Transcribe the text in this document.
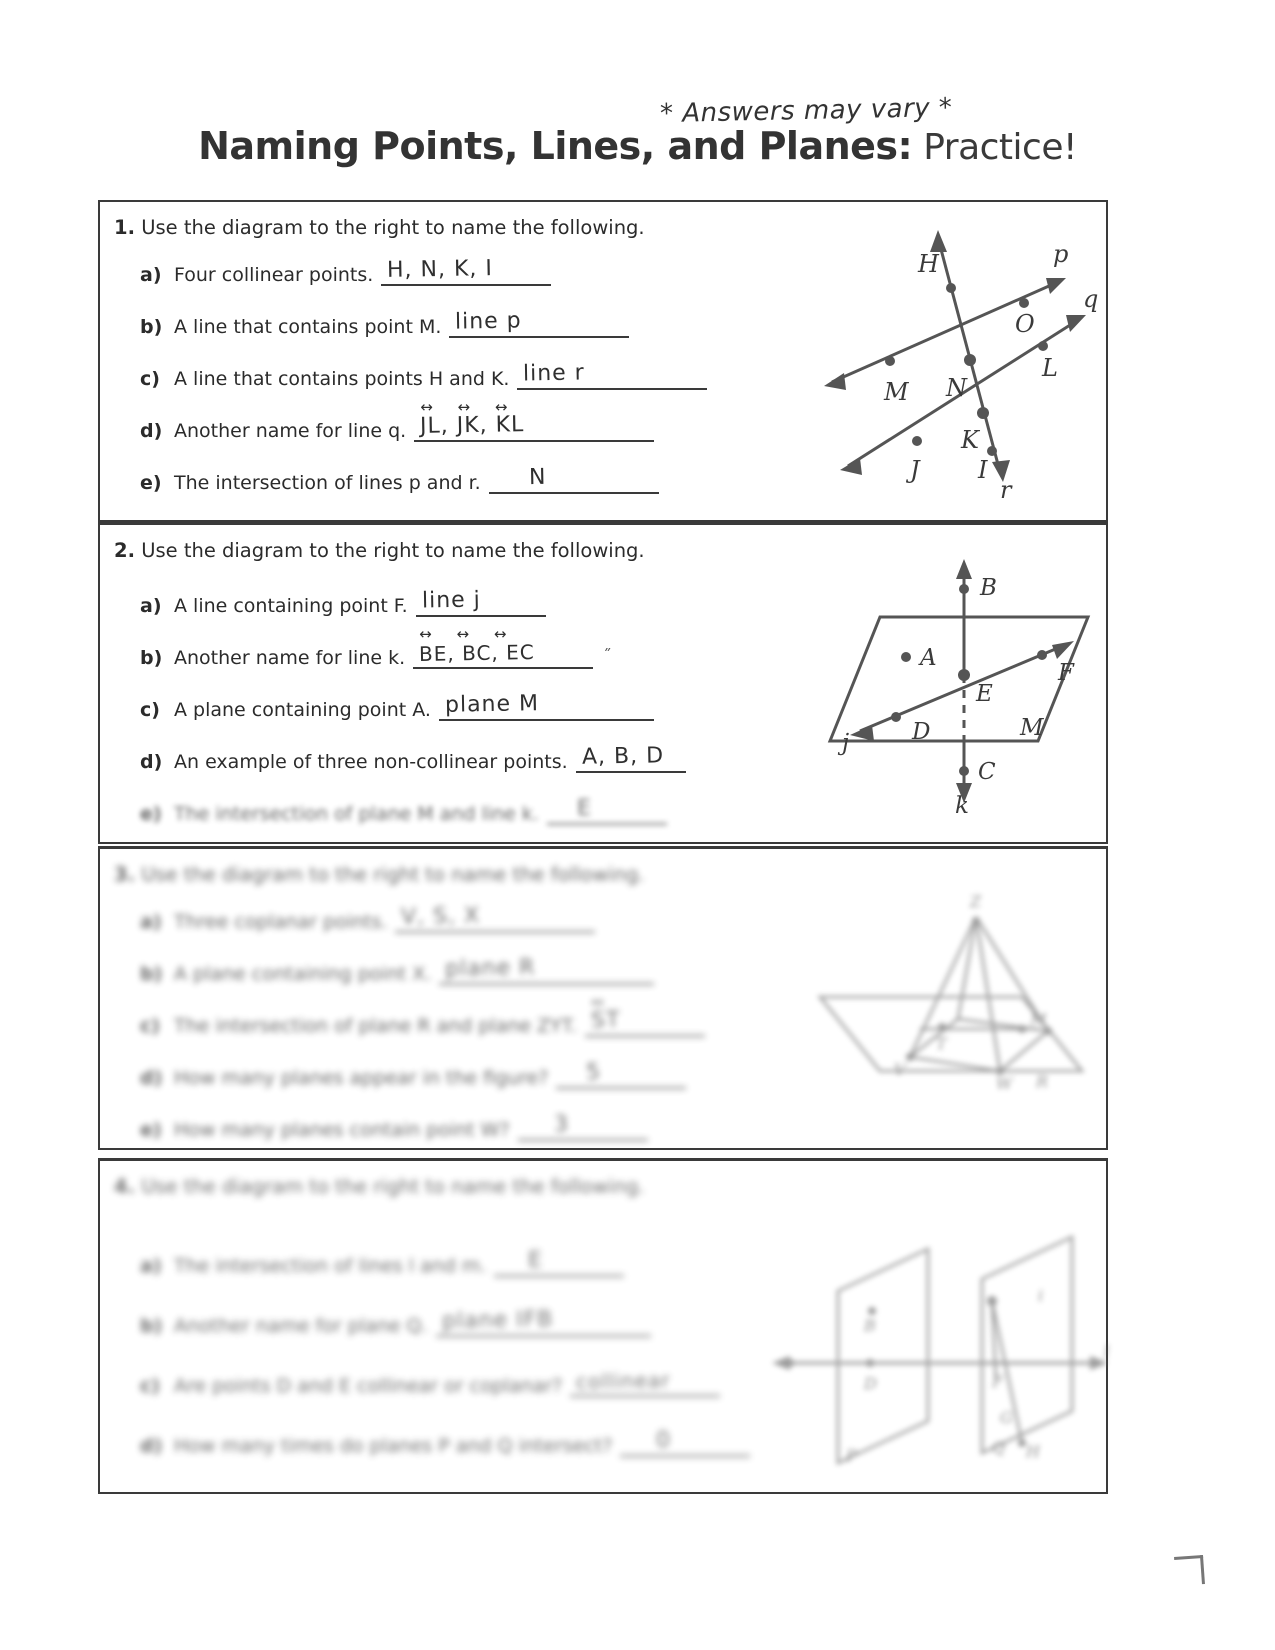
* Answers may vary *
Naming Points, Lines, and Planes: Practice!
1. Use the diagram to the right to name the following.
a) Four collinear points. H, N, K, I
b) A line that contains point M. line p
c) A line that contains points H and K. line r
d) Another name for line q.
↔ ↔ ↔
JL, JK, KL
e) The intersection of lines p and r. N
H	p
O
q
N
L
M
K
J I
r
2. Use the diagram to the right to name the following.
a) A line containing point F. line j
b) Another name for line k.
↔ ↔ ↔
BE, BC, EC	˝
c) A plane containing point A. plane M
d) An example of three non-collinear points. A, B, D
e) The intersection of plane M and line k. E
B
A
F
E
j	D	M
C
k
3. Use the diagram to the right to name the following.
a) Three coplanar points. V, S, X
b) A plane containing point X. plane R
c) The intersection of plane R and plane ZYT.
↔
ST
d) How many planes appear in the figure? 5
e) How many planes contain point W? 3
Z
T
M
V
W R
4. Use the diagram to the right to name the following.
a) The intersection of lines l and m. E
b) Another name for plane Q. plane IFB
c) Are points D and E collinear or coplanar? collinear
d) How many times do planes P and Q intersect? 0
B
D
i
F
G
H
P	Q
l
